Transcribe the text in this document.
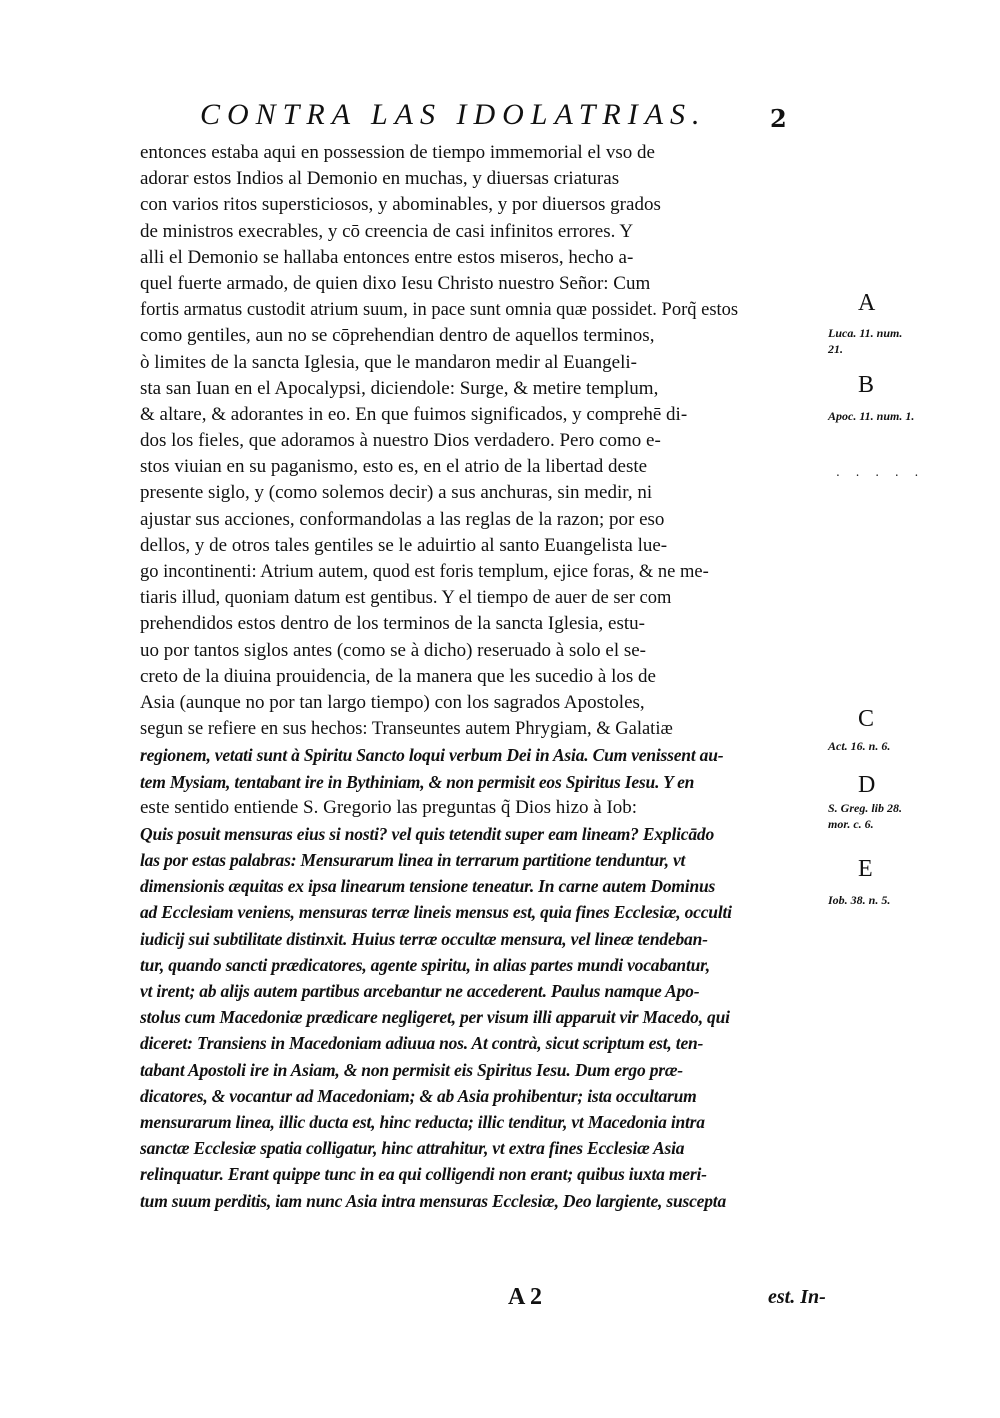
CONTRA LAS IDOLATRIAS.	2
entonces estaba aqui en possession de tiempo immemorial el vso de
adorar estos Indios al Demonio en muchas, y diuersas criaturas
con varios ritos supersticiosos, y abominables, y por diuersos grados
de ministros execrables, y cō creencia de casi infinitos errores. Y
alli el Demonio se hallaba entonces entre estos miseros, hecho a-
quel fuerte armado, de quien dixo Iesu Christo nuestro Señor: Cum
fortis armatus custodit atrium suum, in pace sunt omnia quæ possidet. Porq̃ estos
como gentiles, aun no se cōprehendian dentro de aquellos terminos,
ò limites de la sancta Iglesia, que le mandaron medir al Euangeli-
sta san Iuan en el Apocalypsi, diciendole: Surge, & metire templum,
& altare, & adorantes in eo. En que fuimos significados, y comprehē di-
dos los fieles, que adoramos à nuestro Dios verdadero. Pero como e-
stos viuian en su paganismo, esto es, en el atrio de la libertad deste
presente siglo, y (como solemos decir) a sus anchuras, sin medir, ni
ajustar sus acciones, conformandolas a las reglas de la razon; por eso
dellos, y de otros tales gentiles se le aduirtio al santo Euangelista lue-
go incontinenti: Atrium autem, quod est foris templum, ejice foras, & ne me-
tiaris illud, quoniam datum est gentibus. Y el tiempo de auer de ser com
prehendidos estos dentro de los terminos de la sancta Iglesia, estu-
uo por tantos siglos antes (como se à dicho) reseruado à solo el se-
creto de la diuina prouidencia, de la manera que les sucedio à los de
Asia (aunque no por tan largo tiempo) con los sagrados Apostoles,
segun se refiere en sus hechos: Transeuntes autem Phrygiam, & Galatiæ
regionem, vetati sunt à Spiritu Sancto loqui verbum Dei in Asia. Cum venissent au-
tem Mysiam, tentabant ire in Bythiniam, & non permisit eos Spiritus Iesu. Y en
este sentido entiende S. Gregorio las preguntas q̃ Dios hizo à Iob:
Quis posuit mensuras eius si nosti? vel quis tetendit super eam lineam? Explicādo
las por estas palabras: Mensurarum linea in terrarum partitione tenduntur, vt
dimensionis æquitas ex ipsa linearum tensione teneatur. In carne autem Dominus
ad Ecclesiam veniens, mensuras terræ lineis mensus est, quia fines Ecclesiæ, occulti
iudicij sui subtilitate distinxit. Huius terræ occultæ mensura, vel lineæ tendeban-
tur, quando sancti prædicatores, agente spiritu, in alias partes mundi vocabantur,
vt irent; ab alijs autem partibus arcebantur ne accederent. Paulus namque Apo-
stolus cum Macedoniæ prædicare negligeret, per visum illi apparuit vir Macedo, qui
diceret: Transiens in Macedoniam adiuua nos. At contrà, sicut scriptum est, ten-
tabant Apostoli ire in Asiam, & non permisit eis Spiritus Iesu. Dum ergo præ-
dicatores, & vocantur ad Macedoniam; & ab Asia prohibentur; ista occultarum
mensurarum linea, illic ducta est, hinc reducta; illic tenditur, vt Macedonia intra
sanctæ Ecclesiæ spatia colligatur, hinc attrahitur, vt extra fines Ecclesiæ Asia
relinquatur. Erant quippe tunc in ea qui colligendi non erant; quibus iuxta meri-
tum suum perditis, iam nunc Asia intra mensuras Ecclesiæ, Deo largiente, suscepta
A
Luca. 11. num. 21.
B
Apoc. 11. num. 1.
. . . . .
C
Act. 16. n. 6.
D
S. Greg. lib 28. mor. c. 6.
E
Iob. 38. n. 5.
A 2	est. In-
